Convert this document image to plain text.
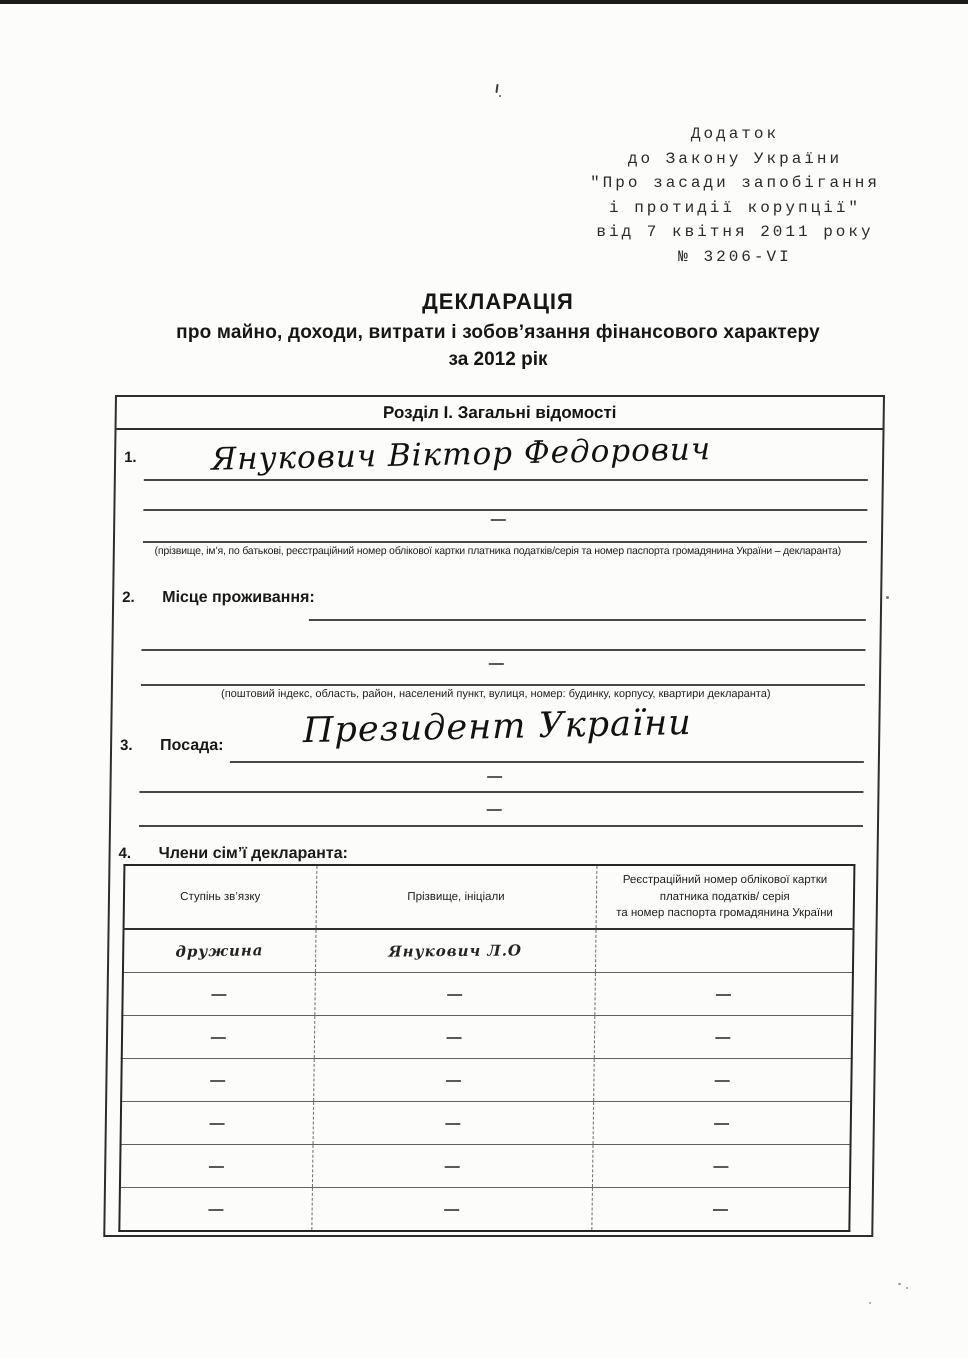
Додаток
до Закону України
"Про засади запобігання
і протидії корупції"
від 7 квітня 2011 року
№ 3206-VI
ДЕКЛАРАЦІЯ
про майно, доходи, витрати і зобов’язання фінансового характеру
за 2012 рік
Розділ І. Загальні відомості
1. Янукович Віктор Федорович
—
(прізвище, ім’я, по батькові, реєстраційний номер облікової картки платника податків/серія та номер паспорта громадянина України – декларанта)
2. Місце проживання:
—
(поштовий індекс, область, район, населений пункт, вулиця, номер: будинку, корпусу, квартири декларанта)
3. Посада: Президент України
—
—
4. Члени сім’ї декларанта:
Ступінь зв’язку	Прізвище, ініціали	Реєстраційний номер облікової картки
платника податків/ серія
та номер паспорта громадянина України

дружина	Янукович Л.О	
—	—	—
—	—	—
—	—	—
—	—	—
—	—	—
—	—	—
